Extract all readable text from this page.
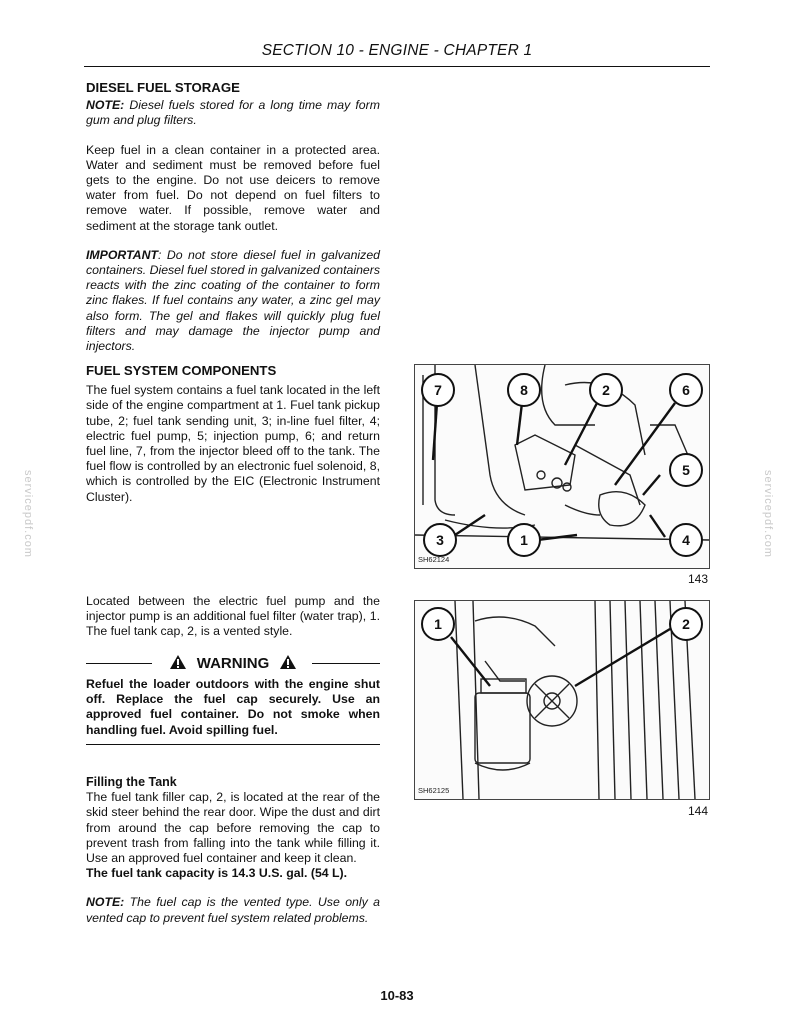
SECTION 10 - ENGINE - CHAPTER 1
DIESEL FUEL STORAGE

NOTE: Diesel fuels stored for a long time may form gum and plug filters.

Keep fuel in a clean container in a protected area. Water and sediment must be removed before fuel gets to the engine. Do not use deicers to remove water from fuel. Do not depend on fuel filters to remove water. If possible, remove water and sediment at the storage tank outlet.

IMPORTANT: Do not store diesel fuel in galvanized containers. Diesel fuel stored in galvanized containers reacts with the zinc coating of the container to form zinc flakes. If fuel contains any water, a zinc gel may also form. The gel and flakes will quickly plug fuel filters and may damage the injector pump and injectors.

FUEL SYSTEM COMPONENTS

The fuel system contains a fuel tank located in the left side of the engine compartment at 1. Fuel tank pickup tube, 2; fuel tank sending unit, 3; in-line fuel filter, 4; electric fuel pump, 5; injection pump, 6; and return fuel line, 7, from the injector bleed off to the tank. The fuel flow is controlled by an electronic fuel solenoid, 8, which is controlled by the EIC (Electronic Instrument Cluster).

Located between the electric fuel pump and the injector pump is an additional fuel filter (water trap), 1. The fuel tank cap, 2, is a vented style.

WARNING

Refuel the loader outdoors with the engine shut off. Replace the fuel cap securely. Use an approved fuel container. Do not smoke when handling fuel. Avoid spilling fuel.

Filling the Tank

The fuel tank filler cap, 2, is located at the rear of the skid steer behind the rear door. Wipe the dust and dirt from around the cap before removing the cap to prevent trash from falling into the tank while filling it. Use an approved fuel container and keep it clean.

The fuel tank capacity is 14.3 U.S. gal. (54 L).

NOTE: The fuel cap is the vented type. Use only a vented cap to prevent fuel system related problems.

7	8	2	6
5
3	1	4
SH62124
143
1	2
SH62125
144
servicepdf.com	servicepdf.com
10-83
